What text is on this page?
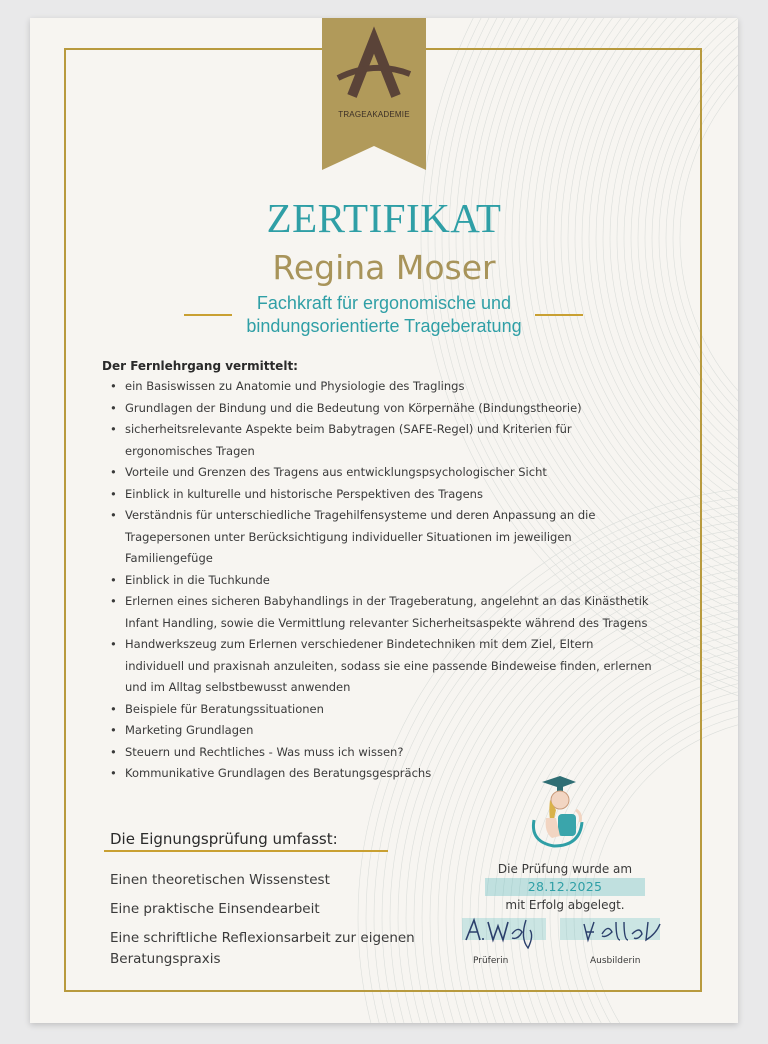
TRAGEAKADEMIE
ZERTIFIKAT
Regina Moser
Fachkraft für ergonomische und
bindungsorientierte Trageberatung
Der Fernlehrgang vermittelt:
• ein Basiswissen zu Anatomie und Physiologie des Traglings
• Grundlagen der Bindung und die Bedeutung von Körpernähe (Bindungstheorie)
• sicherheitsrelevante Aspekte beim Babytragen (SAFE-Regel) und Kriterien für ergonomisches Tragen
• Vorteile und Grenzen des Tragens aus entwicklungspsychologischer Sicht
• Einblick in kulturelle und historische Perspektiven des Tragens
• Verständnis für unterschiedliche Tragehilfensysteme und deren Anpassung an die Tragepersonen unter Berücksichtigung individueller Situationen im jeweiligen Familiengefüge
• Einblick in die Tuchkunde
• Erlernen eines sicheren Babyhandlings in der Trageberatung, angelehnt an das Kinästhetik Infant Handling, sowie die Vermittlung relevanter Sicherheitsaspekte während des Tragens
• Handwerkszeug zum Erlernen verschiedener Bindetechniken mit dem Ziel, Eltern individuell und praxisnah anzuleiten, sodass sie eine passende Bindeweise finden, erlernen und im Alltag selbstbewusst anwenden
• Beispiele für Beratungssituationen
• Marketing Grundlagen
• Steuern und Rechtliches - Was muss ich wissen?
• Kommunikative Grundlagen des Beratungsgesprächs
Die Eignungsprüfung umfasst:
Einen theoretischen Wissenstest
Eine praktische Einsendearbeit
Eine schriftliche Reflexionsarbeit zur eigenen Beratungspraxis
Die Prüfung wurde am
28.12.2025
mit Erfolg abgelegt.
Prüferin	Ausbilderin
